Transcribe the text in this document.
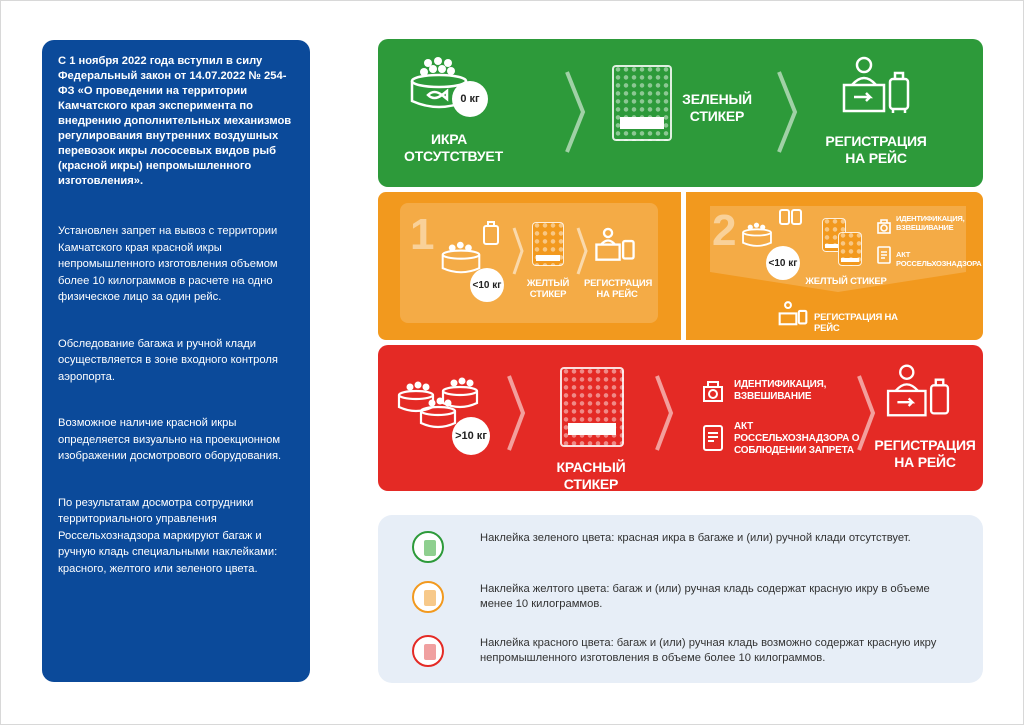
С 1 ноября 2022 года вступил в силу Федеральный закон от 14.07.2022 № 254-ФЗ «О проведении на территории Камчатского края эксперимента по внедрению дополнительных механизмов регулирования внутренних воздушных перевозок икры лососевых видов рыб (красной икры) непромышленного изготовления».

Установлен запрет на вывоз с территории Камчатского края красной икры непромышленного изготовления объемом более 10 килограммов в расчете на одно физическое лицо за один рейс.

Обследование багажа и ручной клади осуществляется в зоне входного контроля аэропорта.

Возможное наличие красной икры определяется визуально на проекционном изображении досмотрового оборудования.

По результатам досмотра сотрудники территориального управления Россельхознадзора маркируют багаж и ручную кладь специальными наклейками: красного, желтого или зеленого цвета.

0 кг
ИКРА ОТСУТСТВУЕТ
ЗЕЛЕНЫЙ СТИКЕР
РЕГИСТРАЦИЯ НА РЕЙС
1
<10 кг	ЖЕЛТЫЙ СТИКЕР
РЕГИСТРАЦИЯ НА РЕЙС
2
<10 кг
ИДЕНТИФИКАЦИЯ, ВЗВЕШИВАНИЕ
АКТ РОССЕЛЬХОЗНАДЗОРА
ЖЕЛТЫЙ СТИКЕР
РЕГИСТРАЦИЯ НА РЕЙС
>10 кг
КРАСНЫЙ СТИКЕР
ИДЕНТИФИКАЦИЯ, ВЗВЕШИВАНИЕ
АКТ РОССЕЛЬХОЗНАДЗОРА О СОБЛЮДЕНИИ ЗАПРЕТА	РЕГИСТРАЦИЯ НА РЕЙС
Наклейка зеленого цвета: красная икра в багаже и (или) ручной клади отсутствует.
Наклейка желтого цвета: багаж и (или) ручная кладь содержат красную икру в объеме менее 10 килограммов.
Наклейка красного цвета: багаж и (или) ручная кладь возможно содержат красную икру непромышленного изготовления в объеме более 10 килограммов.
